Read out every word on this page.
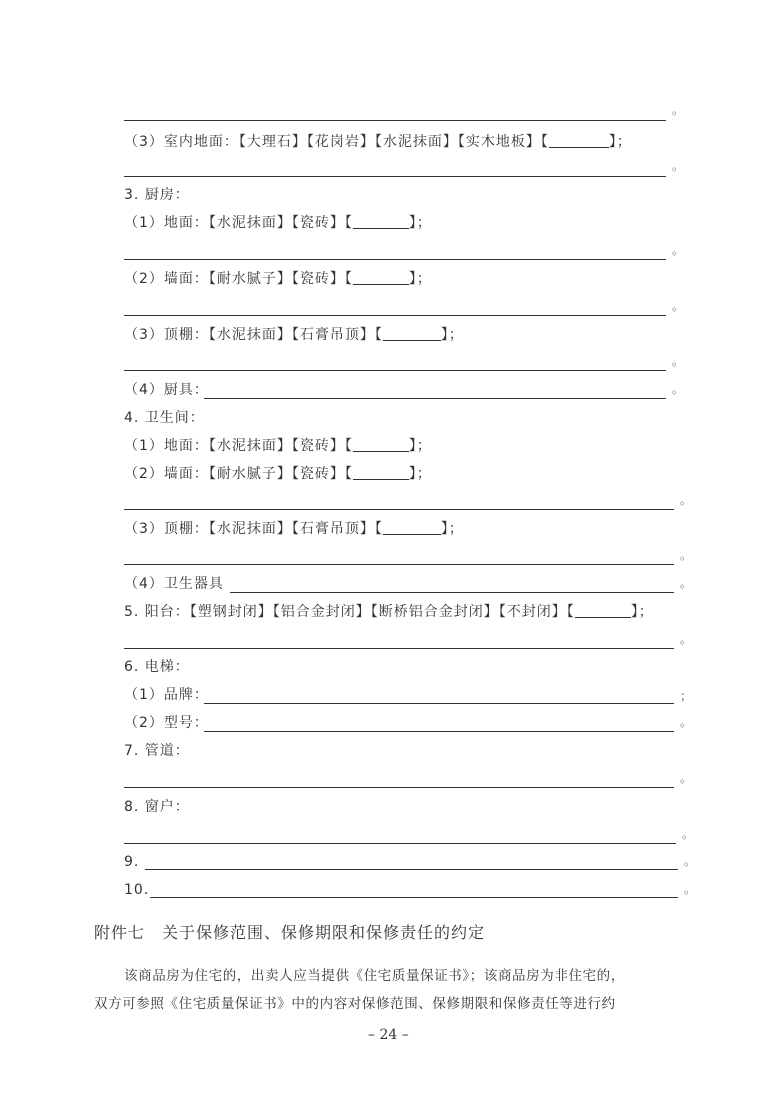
。
（3）室内地面：【大理石】【花岗岩】【水泥抹面】【实木地板】【	】；
。
3. 厨房：
（1）地面：【水泥抹面】【瓷砖】【	】；
。
（2）墙面：【耐水腻子】【瓷砖】【	】；
。
（3）顶棚：【水泥抹面】【石膏吊顶】【	】；
。
（4）厨具：	。
4. 卫生间：
（1）地面：【水泥抹面】【瓷砖】【	】；
（2）墙面：【耐水腻子】【瓷砖】【	】；
。
（3）顶棚：【水泥抹面】【石膏吊顶】【	】；
。
（4）卫生器具	。
5. 阳台：【塑钢封闭】【铝合金封闭】【断桥铝合金封闭】【不封闭】【	】；
。
6. 电梯：
（1）品牌：	；
（2）型号：	。
7. 管道：
。
8. 窗户：
。
9.	。
10.	。
附件七　关于保修范围、保修期限和保修责任的约定
该商品房为住宅的，出卖人应当提供《住宅质量保证书》；该商品房为非住宅的，
双方可参照《住宅质量保证书》中的内容对保修范围、保修期限和保修责任等进行约
– 24 –
